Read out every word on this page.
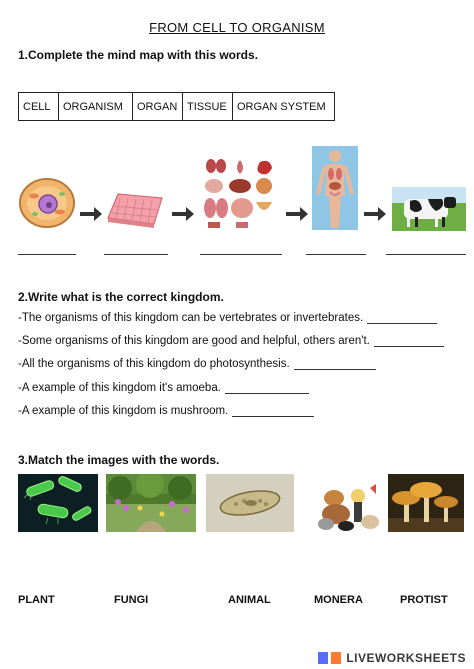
FROM CELL TO ORGANISM
1.Complete the mind map with this words.
CELL	ORGANISM	ORGAN TISSUE ORGAN SYSTEM
2.Write what is the correct kingdom.
-The organisms of this kingdom can be vertebrates or invertebrates.
-Some organisms of this kingdom are good and helpful, others aren't.
-All the organisms of this kingdom do photosynthesis.
-A example of this kingdom it's amoeba.
-A example of this kingdom is mushroom.
3.Match the images with the words.
PLANT	FUNGI	ANIMAL	MONERA	PROTIST
LIVEWORKSHEETS
